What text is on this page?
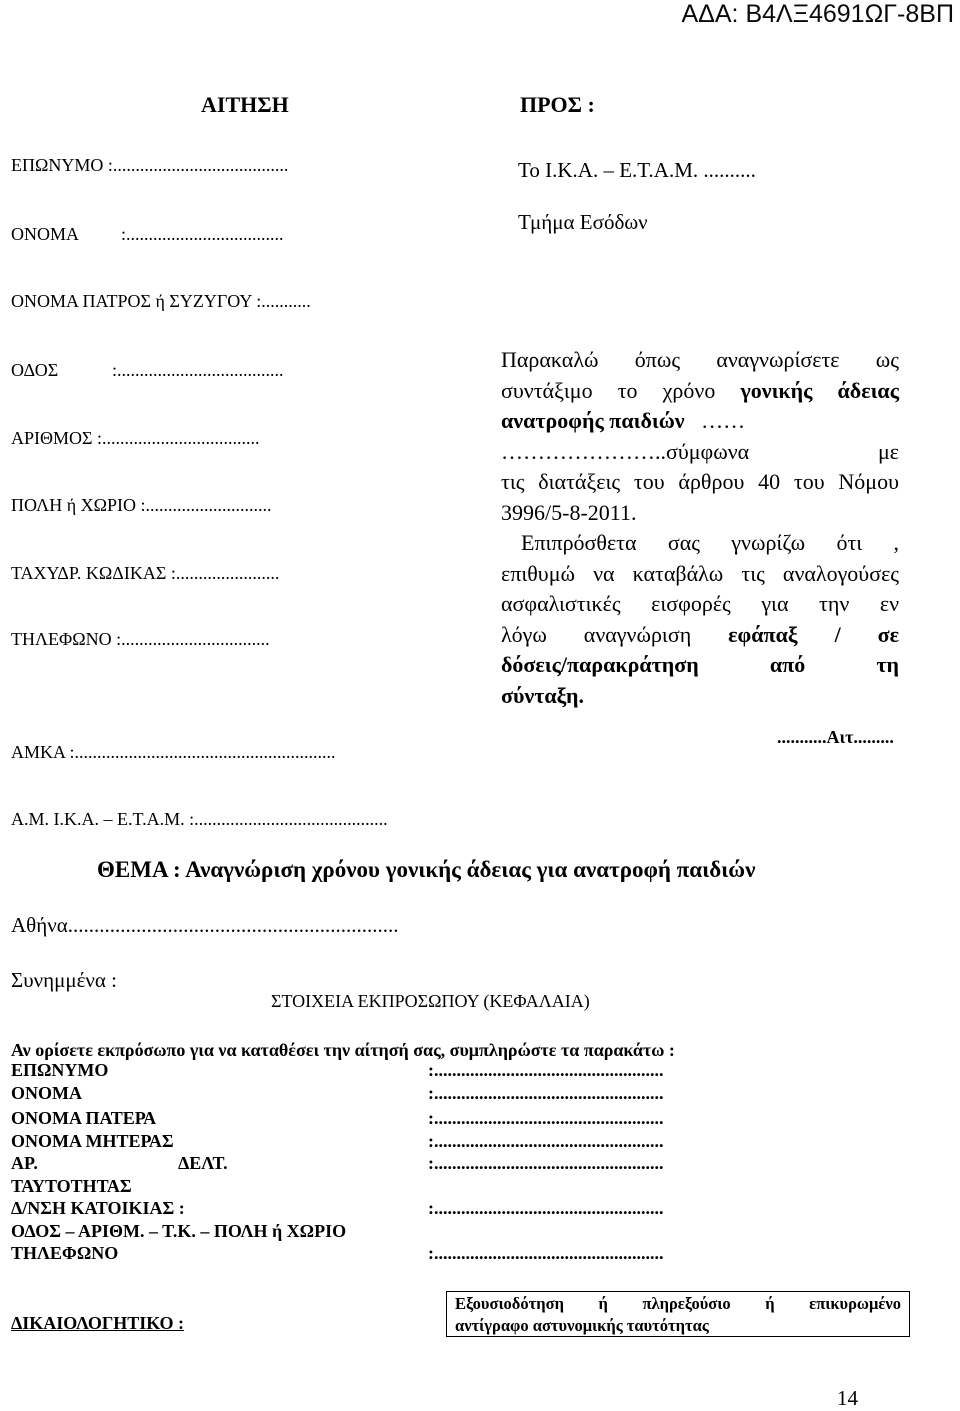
ΑΔΑ: Β4ΛΞ4691ΩΓ-8ΒΠ
ΑΙΤΗΣΗ	ΠΡΟΣ :
Το Ι.Κ.Α. – Ε.Τ.Α.Μ. ..........
Τμήμα Εσόδων
ΕΠΩΝΥΜΟ :.......................................
ΟΝΟΜΑ :...................................
ΟΝΟΜΑ ΠΑΤΡΟΣ ή ΣΥΖΥΓΟΥ :...........
ΟΔΟΣ	:.....................................
ΑΡΙΘΜΟΣ :...................................
ΠΟΛΗ ή ΧΩΡΙΟ :............................
ΤΑΧΥΔΡ. ΚΩΔΙΚΑΣ :.......................
ΤΗΛΕΦΩΝΟ :.................................
ΑΜΚΑ :..........................................................
Α.Μ. Ι.Κ.Α. – Ε.Τ.Α.Μ. :...........................................
Παρακαλώ όπως αναγνωρίσετε ως
συντάξιμο το χρόνο γονικής άδειας
ανατροφής παιδιών ……
…………………..σύμφωνα	με
τις διατάξεις του άρθρου 40 του Νόμου
3996/5-8-2011.
Επιπρόσθετα σας γνωρίζω ότι ,
επιθυμώ να καταβάλω τις αναλογούσες
ασφαλιστικές εισφορές για την εν
λόγω αναγνώριση εφάπαξ / σε
δόσεις/παρακράτηση	από	τη
σύνταξη.
...........Αιτ.........
ΘΕΜΑ : Αναγνώριση χρόνου γονικής άδειας για ανατροφή παιδιών
Αθήνα...............................................................
Συνημμένα :
ΣΤΟΙΧΕΙΑ ΕΚΠΡΟΣΩΠΟΥ (ΚΕΦΑΛΑΙΑ)
Αν ορίσετε εκπρόσωπο για να καταθέσει την αίτησή σας, συμπληρώστε τα παρακάτω :
ΕΠΩΝΥΜΟ	:...................................................
ΟΝΟΜΑ	:...................................................
ΟΝΟΜΑ ΠΑΤΕΡΑ	:...................................................
ΟΝΟΜΑ ΜΗΤΕΡΑΣ	:...................................................
ΑΡ.	ΔΕΛΤ.	:...................................................
ΤΑΥΤΟΤΗΤΑΣ
Δ/ΝΣΗ ΚΑΤΟΙΚΙΑΣ :	:...................................................
ΟΔΟΣ – ΑΡΙΘΜ. – Τ.Κ. – ΠΟΛΗ ή ΧΩΡΙΟ
ΤΗΛΕΦΩΝΟ	:...................................................
ΔΙΚΑΙΟΛΟΓΗΤΙΚΟ :
Εξουσιοδότηση ή πληρεξούσιο ή επικυρωμένο
αντίγραφο αστυνομικής ταυτότητας
14
